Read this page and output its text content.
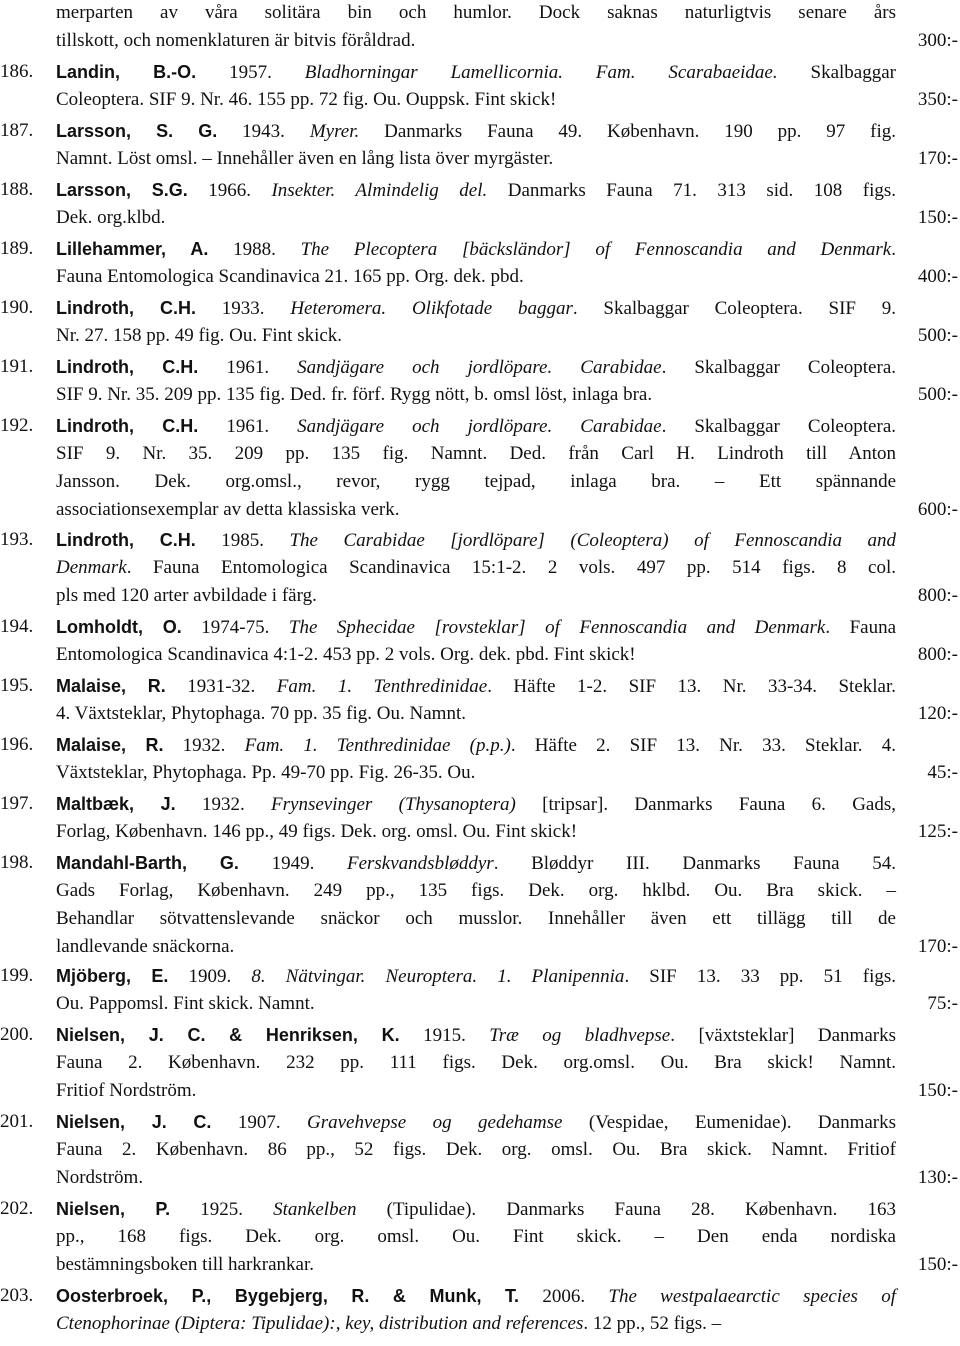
merparten av våra solitära bin och humlor. Dock saknas naturligtvis senare års
tillskott, och nomenklaturen är bitvis föråldrad.	300:-
186. Landin, B.-O. 1957. Bladhorningar Lamellicornia. Fam. Scarabaeidae. Skalbaggar
Coleoptera. SIF 9. Nr. 46. 155 pp. 72 fig. Ou. Ouppsk. Fint skick!	350:-
187. Larsson, S. G. 1943. Myrer. Danmarks Fauna 49. København. 190 pp. 97 fig.
Namnt. Löst omsl. – Innehåller även en lång lista över myrgäster.	170:-
188. Larsson, S.G. 1966. Insekter. Almindelig del. Danmarks Fauna 71. 313 sid. 108 figs.
Dek. org.klbd.	150:-
189. Lillehammer, A. 1988. The Plecoptera [bäcksländor] of Fennoscandia and Denmark.
Fauna Entomologica Scandinavica 21. 165 pp. Org. dek. pbd.	400:-
190. Lindroth, C.H. 1933. Heteromera. Olikfotade baggar. Skalbaggar Coleoptera. SIF 9.
Nr. 27. 158 pp. 49 fig. Ou. Fint skick.	500:-
191. Lindroth, C.H. 1961. Sandjägare och jordlöpare. Carabidae. Skalbaggar Coleoptera.
SIF 9. Nr. 35. 209 pp. 135 fig. Ded. fr. förf. Rygg nött, b. omsl löst, inlaga bra.	500:-
192. Lindroth, C.H. 1961. Sandjägare och jordlöpare. Carabidae. Skalbaggar Coleoptera.
SIF 9. Nr. 35. 209 pp. 135 fig. Namnt. Ded. från Carl H. Lindroth till Anton
Jansson. Dek. org.omsl., revor, rygg tejpad, inlaga bra. – Ett spännande
associationsexemplar av detta klassiska verk.	600:-
193. Lindroth, C.H. 1985. The Carabidae [jordlöpare] (Coleoptera) of Fennoscandia and
Denmark. Fauna Entomologica Scandinavica 15:1-2. 2 vols. 497 pp. 514 figs. 8 col.
pls med 120 arter avbildade i färg.	800:-
194. Lomholdt, O. 1974-75. The Sphecidae [rovsteklar] of Fennoscandia and Denmark. Fauna
Entomologica Scandinavica 4:1-2. 453 pp. 2 vols. Org. dek. pbd. Fint skick!	800:-
195. Malaise, R. 1931-32. Fam. 1. Tenthredinidae. Häfte 1-2. SIF 13. Nr. 33-34. Steklar.
4. Växtsteklar, Phytophaga. 70 pp. 35 fig. Ou. Namnt.	120:-
196. Malaise, R. 1932. Fam. 1. Tenthredinidae (p.p.). Häfte 2. SIF 13. Nr. 33. Steklar. 4.
Växtsteklar, Phytophaga. Pp. 49-70 pp. Fig. 26-35. Ou.	45:-
197. Maltbæk, J. 1932. Frynsevinger (Thysanoptera) [tripsar]. Danmarks Fauna 6. Gads,
Forlag, København. 146 pp., 49 figs. Dek. org. omsl. Ou. Fint skick!	125:-
198. Mandahl-Barth, G. 1949. Ferskvandsbløddyr. Bløddyr III. Danmarks Fauna 54.
Gads Forlag, København. 249 pp., 135 figs. Dek. org. hklbd. Ou. Bra skick. –
Behandlar sötvattenslevande snäckor och musslor. Innehåller även ett tillägg till de
landlevande snäckorna.	170:-
199. Mjöberg, E. 1909. 8. Nätvingar. Neuroptera. 1. Planipennia. SIF 13. 33 pp. 51 figs.
Ou. Pappomsl. Fint skick. Namnt.	75:-
200. Nielsen, J. C. & Henriksen, K. 1915. Træ og bladhvepse. [växtsteklar] Danmarks
Fauna 2. København. 232 pp. 111 figs. Dek. org.omsl. Ou. Bra skick! Namnt.
Fritiof Nordström.	150:-
201. Nielsen, J. C. 1907. Gravehvepse og gedehamse (Vespidae, Eumenidae). Danmarks
Fauna 2. København. 86 pp., 52 figs. Dek. org. omsl. Ou. Bra skick. Namnt. Fritiof
Nordström.	130:-
202. Nielsen, P. 1925. Stankelben (Tipulidae). Danmarks Fauna 28. København. 163
pp., 168 figs. Dek. org. omsl. Ou. Fint skick. – Den enda nordiska
bestämningsboken till harkrankar.	150:-
203. Oosterbroek, P., Bygebjerg, R. & Munk, T. 2006. The westpalaearctic species of
Ctenophorinae (Diptera: Tipulidae):, key, distribution and references. 12 pp., 52 figs. –
